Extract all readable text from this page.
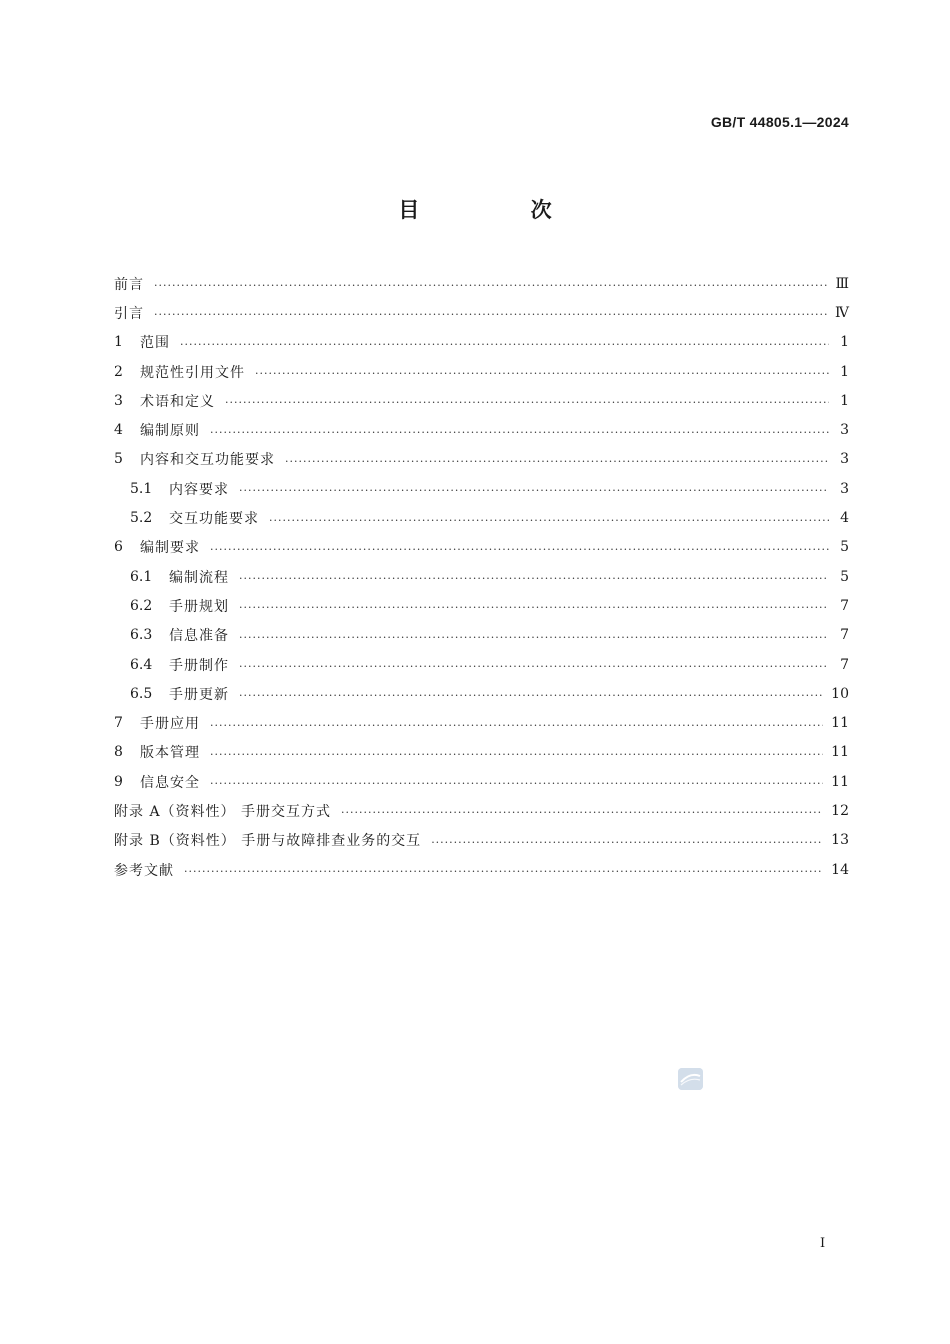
GB/T 44805.1—2024
目 次
前言 ·····	Ⅲ
引言 ·····	Ⅳ
1	范围 ·····	1
2	规范性引用文件 ·····	1
3	术语和定义 ·····	1
4	编制原则 ·····	3
5	内容和交互功能要求 ·····	3
5.1	内容要求 ·····	3
5.2	交互功能要求 ·····	4
6	编制要求 ·····	5
6.1	编制流程 ·····	5
6.2	手册规划 ·····	7
6.3	信息准备 ·····	7
6.4	手册制作 ·····	7
6.5	手册更新 ·····	10
7	手册应用 ·····	11
8	版本管理 ·····	11
9	信息安全 ·····	11
附录 A（资料性） 手册交互方式 ·····	12
附录 B（资料性） 手册与故障排查业务的交互 ·····	13
参考文献 ·····	14
I
